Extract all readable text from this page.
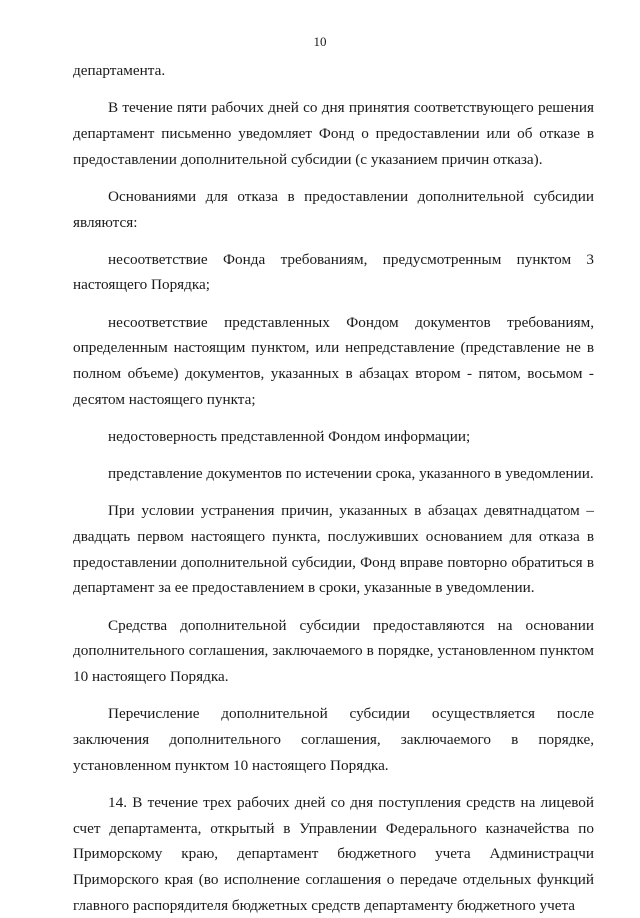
10

департамента.

В течение пяти рабочих дней со дня принятия соответствующего решения департамент письменно уведомляет Фонд о предоставлении или об отказе в предоставлении дополнительной субсидии (с указанием причин отказа).

Основаниями для отказа в предоставлении дополнительной субсидии являются:

несоответствие Фонда требованиям, предусмотренным пунктом 3 настоящего Порядка;

несоответствие представленных Фондом документов требованиям, определенным настоящим пунктом, или непредставление (представление не в полном объеме) документов, указанных в абзацах втором - пятом, восьмом - десятом настоящего пункта;

недостоверность представленной Фондом информации;

представление документов по истечении срока, указанного в уведомлении.

При условии устранения причин, указанных в абзацах девятнадцатом – двадцать первом настоящего пункта, послуживших основанием для отказа в предоставлении дополнительной субсидии, Фонд вправе повторно обратиться в департамент за ее предоставлением в сроки, указанные в уведомлении.

Средства дополнительной субсидии предоставляются на основании дополнительного соглашения, заключаемого в порядке, установленном пунктом 10 настоящего Порядка.

Перечисление дополнительной субсидии осуществляется после заключения дополнительного соглашения, заключаемого в порядке, установленном пунктом 10 настоящего Порядка.

14. В течение трех рабочих дней со дня поступления средств на лицевой счет департамента, открытый в Управлении Федерального казначейства по Приморскому краю, департамент бюджетного учета Администрацчи Приморского края (во исполнение соглашения о передаче отдельных функций главного распорядителя бюджетных средств департаменту бюджетного учета
